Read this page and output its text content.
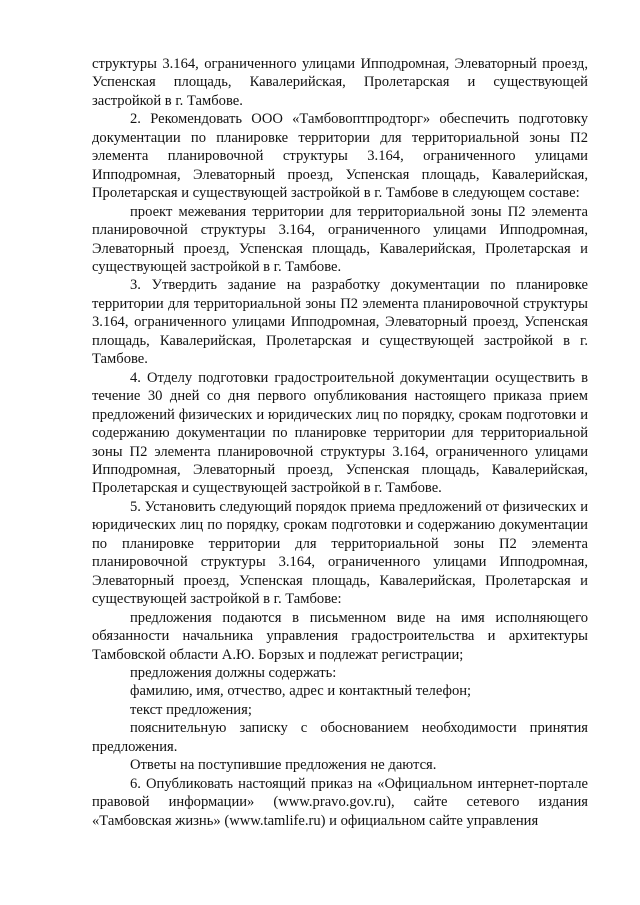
структуры 3.164, ограниченного улицами Ипподромная, Элеваторный проезд, Успенская площадь, Кавалерийская, Пролетарская и существующей застройкой в г. Тамбове.

2. Рекомендовать ООО «Тамбовоптпродторг» обеспечить подготовку документации по планировке территории для территориальной зоны П2 элемента планировочной структуры 3.164, ограниченного улицами Ипподромная, Элеваторный проезд, Успенская площадь, Кавалерийская, Пролетарская и существующей застройкой в г. Тамбове в следующем составе:

проект межевания территории для территориальной зоны П2 элемента планировочной структуры 3.164, ограниченного улицами Ипподромная, Элеваторный проезд, Успенская площадь, Кавалерийская, Пролетарская и существующей застройкой в г. Тамбове.

3. Утвердить задание на разработку документации по планировке территории для территориальной зоны П2 элемента планировочной структуры 3.164, ограниченного улицами Ипподромная, Элеваторный проезд, Успенская площадь, Кавалерийская, Пролетарская и существующей застройкой в г. Тамбове.

4. Отделу подготовки градостроительной документации осуществить в течение 30 дней со дня первого опубликования настоящего приказа прием предложений физических и юридических лиц по порядку, срокам подготовки и содержанию документации по планировке территории для территориальной зоны П2 элемента планировочной структуры 3.164, ограниченного улицами Ипподромная, Элеваторный проезд, Успенская площадь, Кавалерийская, Пролетарская и существующей застройкой в г. Тамбове.

5. Установить следующий порядок приема предложений от физических и юридических лиц по порядку, срокам подготовки и содержанию документации по планировке территории для территориальной зоны П2 элемента планировочной структуры 3.164, ограниченного улицами Ипподромная, Элеваторный проезд, Успенская площадь, Кавалерийская, Пролетарская и существующей застройкой в г. Тамбове:

предложения подаются в письменном виде на имя исполняющего обязанности начальника управления градостроительства и архитектуры Тамбовской области А.Ю. Борзых и подлежат регистрации;

предложения должны содержать:

фамилию, имя, отчество, адрес и контактный телефон;

текст предложения;

пояснительную записку с обоснованием необходимости принятия предложения.

Ответы на поступившие предложения не даются.

6. Опубликовать настоящий приказ на «Официальном интернет-портале правовой информации» (www.pravo.gov.ru), сайте сетевого издания «Тамбовская жизнь» (www.tamlife.ru) и официальном сайте управления
